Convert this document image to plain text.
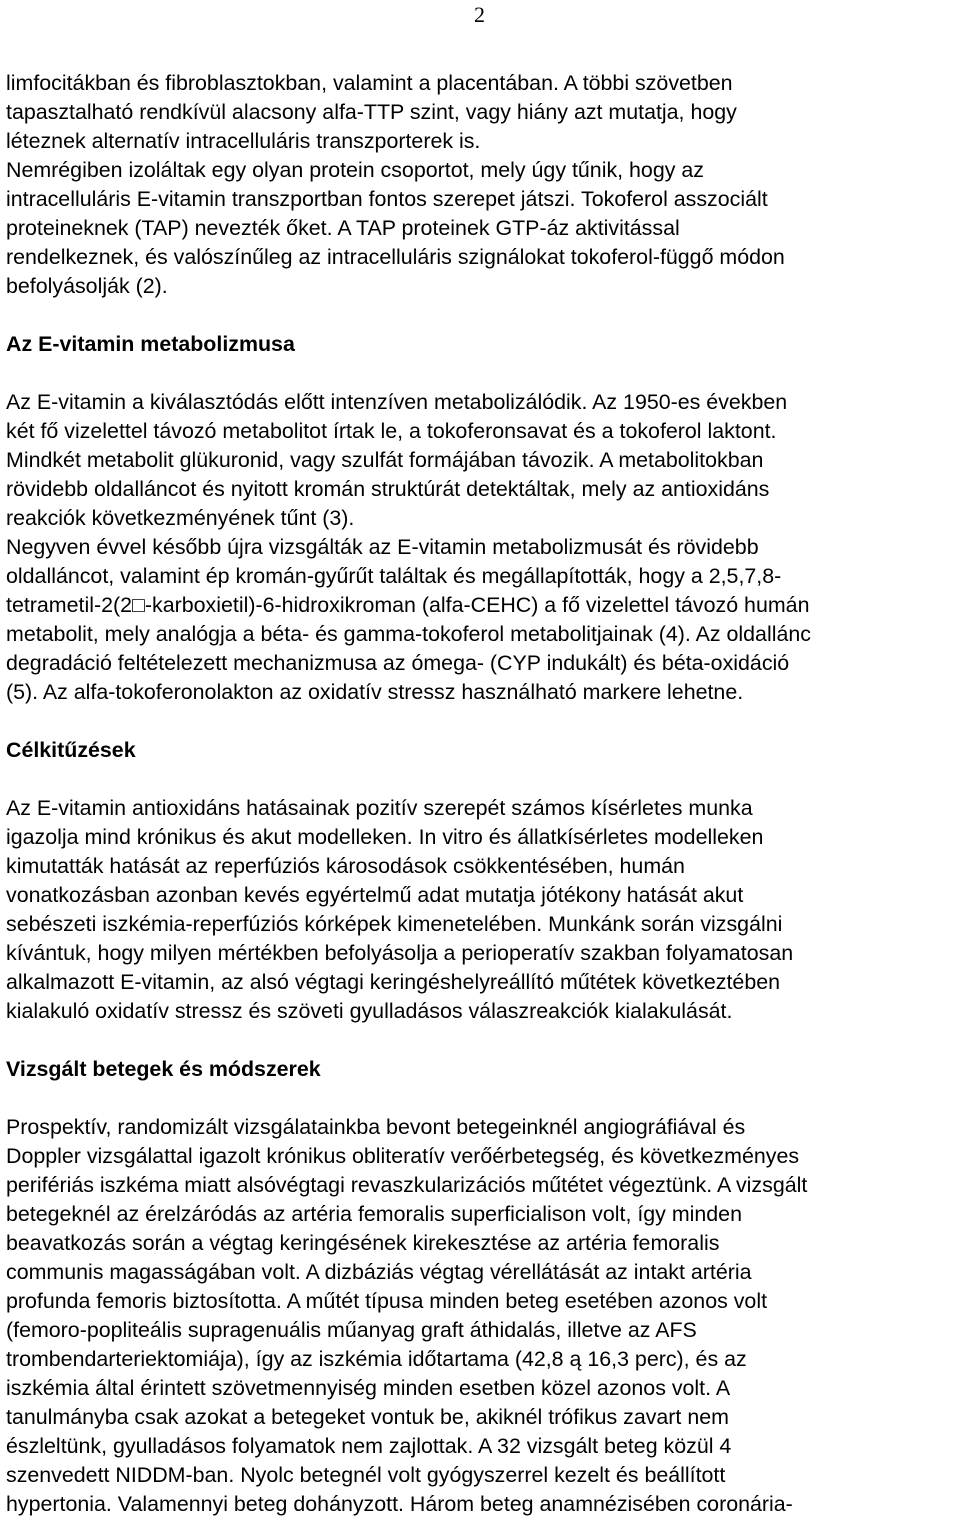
2
limfocitákban és fibroblasztokban, valamint a placentában. A többi szövetben
tapasztalható rendkívül alacsony alfa-TTP szint, vagy hiány azt mutatja, hogy
léteznek alternatív intracelluláris transzporterek is.
Nemrégiben izoláltak egy olyan protein csoportot, mely úgy tűnik, hogy az
intracelluláris E-vitamin transzportban fontos szerepet játszi. Tokoferol asszociált
proteineknek (TAP) nevezték őket. A TAP proteinek GTP-áz aktivitással
rendelkeznek, és valószínűleg az intracelluláris szignálokat tokoferol-függő módon
befolyásolják (2).
Az E-vitamin metabolizmusa
Az E-vitamin a kiválasztódás előtt intenzíven metabolizálódik. Az 1950-es években
két fő vizelettel távozó metabolitot írtak le, a tokoferonsavat és a tokoferol laktont.
Mindkét metabolit glükuronid, vagy szulfát formájában távozik. A metabolitokban
rövidebb oldalláncot és nyitott kromán struktúrát detektáltak, mely az antioxidáns
reakciók következményének tűnt (3).
Negyven évvel később újra vizsgálták az E-vitamin metabolizmusát és rövidebb
oldalláncot, valamint ép kromán-gyűrűt találtak és megállapították, hogy a 2,5,7,8-
tetrametil-2(2□-karboxietil)-6-hidroxikroman (alfa-CEHC) a fő vizelettel távozó humán
metabolit, mely analógja a béta- és gamma-tokoferol metabolitjainak (4). Az oldallánc
degradáció feltételezett mechanizmusa az ómega- (CYP indukált) és béta-oxidáció
(5). Az alfa-tokoferonolakton az oxidatív stressz használható markere lehetne.
Célkitűzések
Az E-vitamin antioxidáns hatásainak pozitív szerepét számos kísérletes munka
igazolja mind krónikus és akut modelleken. In vitro és állatkísérletes modelleken
kimutatták hatását az reperfúziós károsodások csökkentésében, humán
vonatkozásban azonban kevés egyértelmű adat mutatja jótékony hatását akut
sebészeti iszkémia-reperfúziós kórképek kimenetelében. Munkánk során vizsgálni
kívántuk, hogy milyen mértékben befolyásolja a perioperatív szakban folyamatosan
alkalmazott E-vitamin, az alsó végtagi keringéshelyreállító műtétek következtében
kialakuló oxidatív stressz és szöveti gyulladásos válaszreakciók kialakulását.
Vizsgált betegek és módszerek
Prospektív, randomizált vizsgálatainkba bevont betegeinknél angiográfiával és
Doppler vizsgálattal igazolt krónikus obliteratív verőérbetegség, és következményes
perifériás iszkéma miatt alsóvégtagi revaszkularizációs műtétet végeztünk. A vizsgált
betegeknél az érelzáródás az artéria femoralis superficialison volt, így minden
beavatkozás során a végtag keringésének kirekesztése az artéria femoralis
communis magasságában volt. A dizbáziás végtag vérellátását az intakt artéria
profunda femoris biztosította. A műtét típusa minden beteg esetében azonos volt
(femoro-popliteális supragenuális műanyag graft áthidalás, illetve az AFS
trombendarteriektomiája), így az iszkémia időtartama (42,8 ą 16,3 perc), és az
iszkémia által érintett szövetmennyiség minden esetben közel azonos volt. A
tanulmányba csak azokat a betegeket vontuk be, akiknél trófikus zavart nem
észleltünk, gyulladásos folyamatok nem zajlottak. A 32 vizsgált beteg közül 4
szenvedett NIDDM-ban. Nyolc betegnél volt gyógyszerrel kezelt és beállított
hypertonia. Valamennyi beteg dohányzott. Három beteg anamnézisében coronária-
